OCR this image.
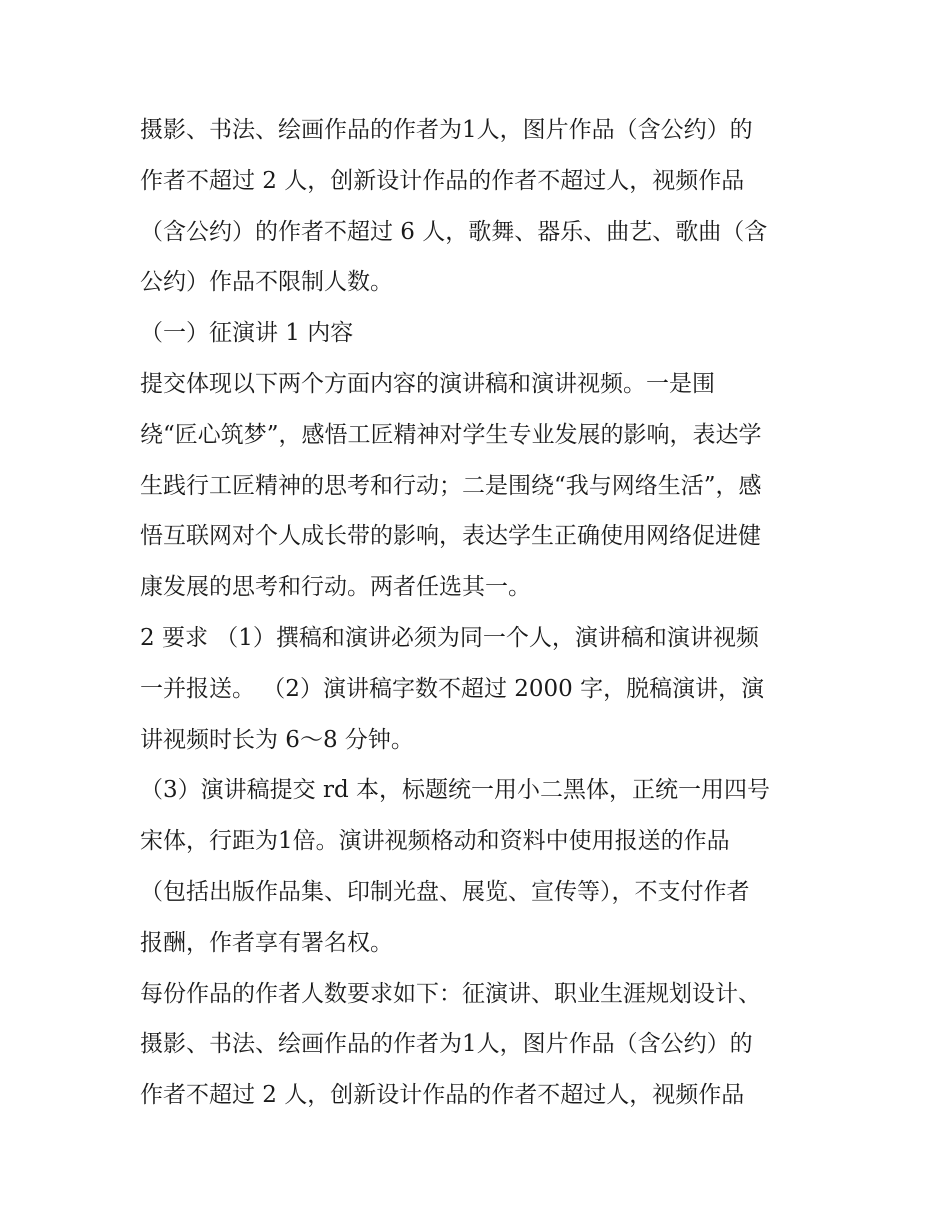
摄影、书法、绘画作品的作者为1人，图片作品（含公约）的
作者不超过 2 人，创新设计作品的作者不超过人，视频作品
（含公约）的作者不超过 6 人，歌舞、器乐、曲艺、歌曲（含
公约）作品不限制人数。
（一）征演讲 1 内容
提交体现以下两个方面内容的演讲稿和演讲视频。一是围
绕“匠心筑梦”，感悟工匠精神对学生专业发展的影响，表达学
生践行工匠精神的思考和行动；二是围绕“我与网络生活”，感
悟互联网对个人成长带的影响，表达学生正确使用网络促进健
康发展的思考和行动。两者任选其一。
2 要求 （1）撰稿和演讲必须为同一个人，演讲稿和演讲视频
一并报送。 （2）演讲稿字数不超过 2000 字，脱稿演讲，演
讲视频时长为 6～8 分钟。
（3）演讲稿提交 rd 本，标题统一用小二黑体，正统一用四号
宋体，行距为1倍。演讲视频格动和资料中使用报送的作品
（包括出版作品集、印制光盘、展览、宣传等），不支付作者
报酬，作者享有署名权。
每份作品的作者人数要求如下：征演讲、职业生涯规划设计、
摄影、书法、绘画作品的作者为1人，图片作品（含公约）的
作者不超过 2 人，创新设计作品的作者不超过人，视频作品
